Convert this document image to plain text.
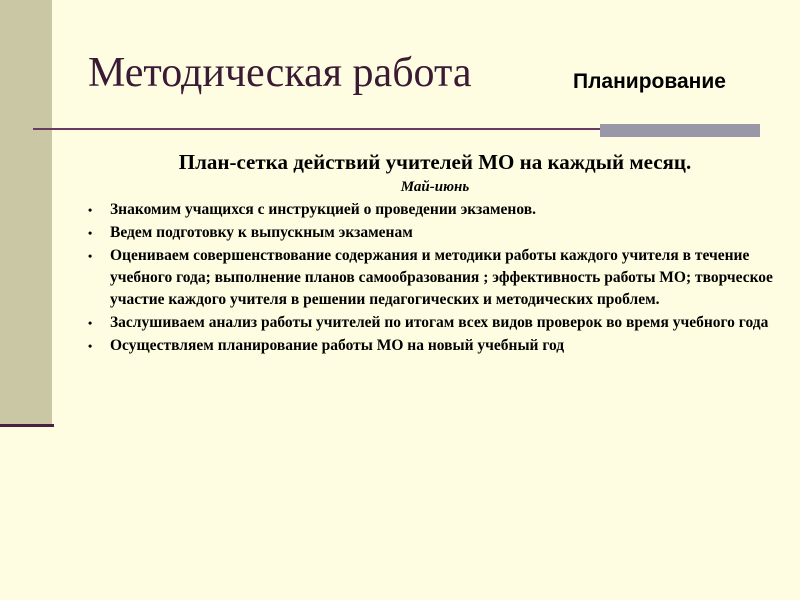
Методическая работа	Планирование
План-сетка действий учителей МО на каждый месяц.
Май-июнь
• Знакомим учащихся с инструкцией о проведении экзаменов.
• Ведем подготовку к выпускным экзаменам
• Оцениваем совершенствование содержания и методики работы каждого учителя в течение учебного года; выполнение планов самообразования ; эффективность работы МО; творческое участие каждого учителя в решении педагогических и методических проблем.
• Заслушиваем анализ работы учителей по итогам всех видов проверок во время учебного года
• Осуществляем планирование работы МО на новый учебный год
